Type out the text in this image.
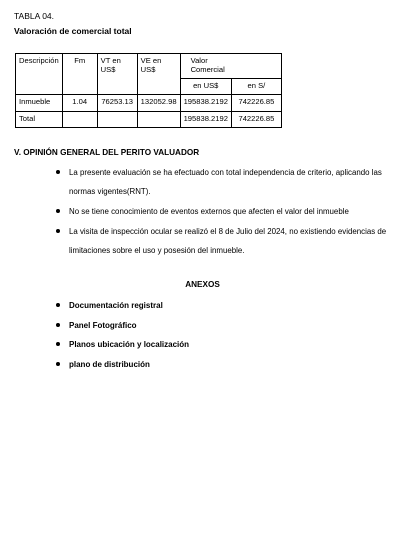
TABLA 04.
Valoración de comercial total
Descripción	Fm	VT en US$	VE en US$	Valor Comercial	
				en US$	en S/
Inmueble	1.04	76253.13	132052.98	195838.2192	742226.85
Total				195838.2192	742226.85
V. OPINIÓN GENERAL DEL PERITO VALUADOR
La presente evaluación se ha efectuado con total independencia de criterio, aplicando las normas vigentes(RNT).
No se tiene conocimiento de eventos externos que afecten el valor del inmueble
La visita de inspección ocular se realizó el 8 de Julio del 2024, no existiendo evidencias de limitaciones sobre el uso y posesión del inmueble.
ANEXOS
Documentación registral
Panel Fotográfico
Planos ubicación y localización
plano de distribución
